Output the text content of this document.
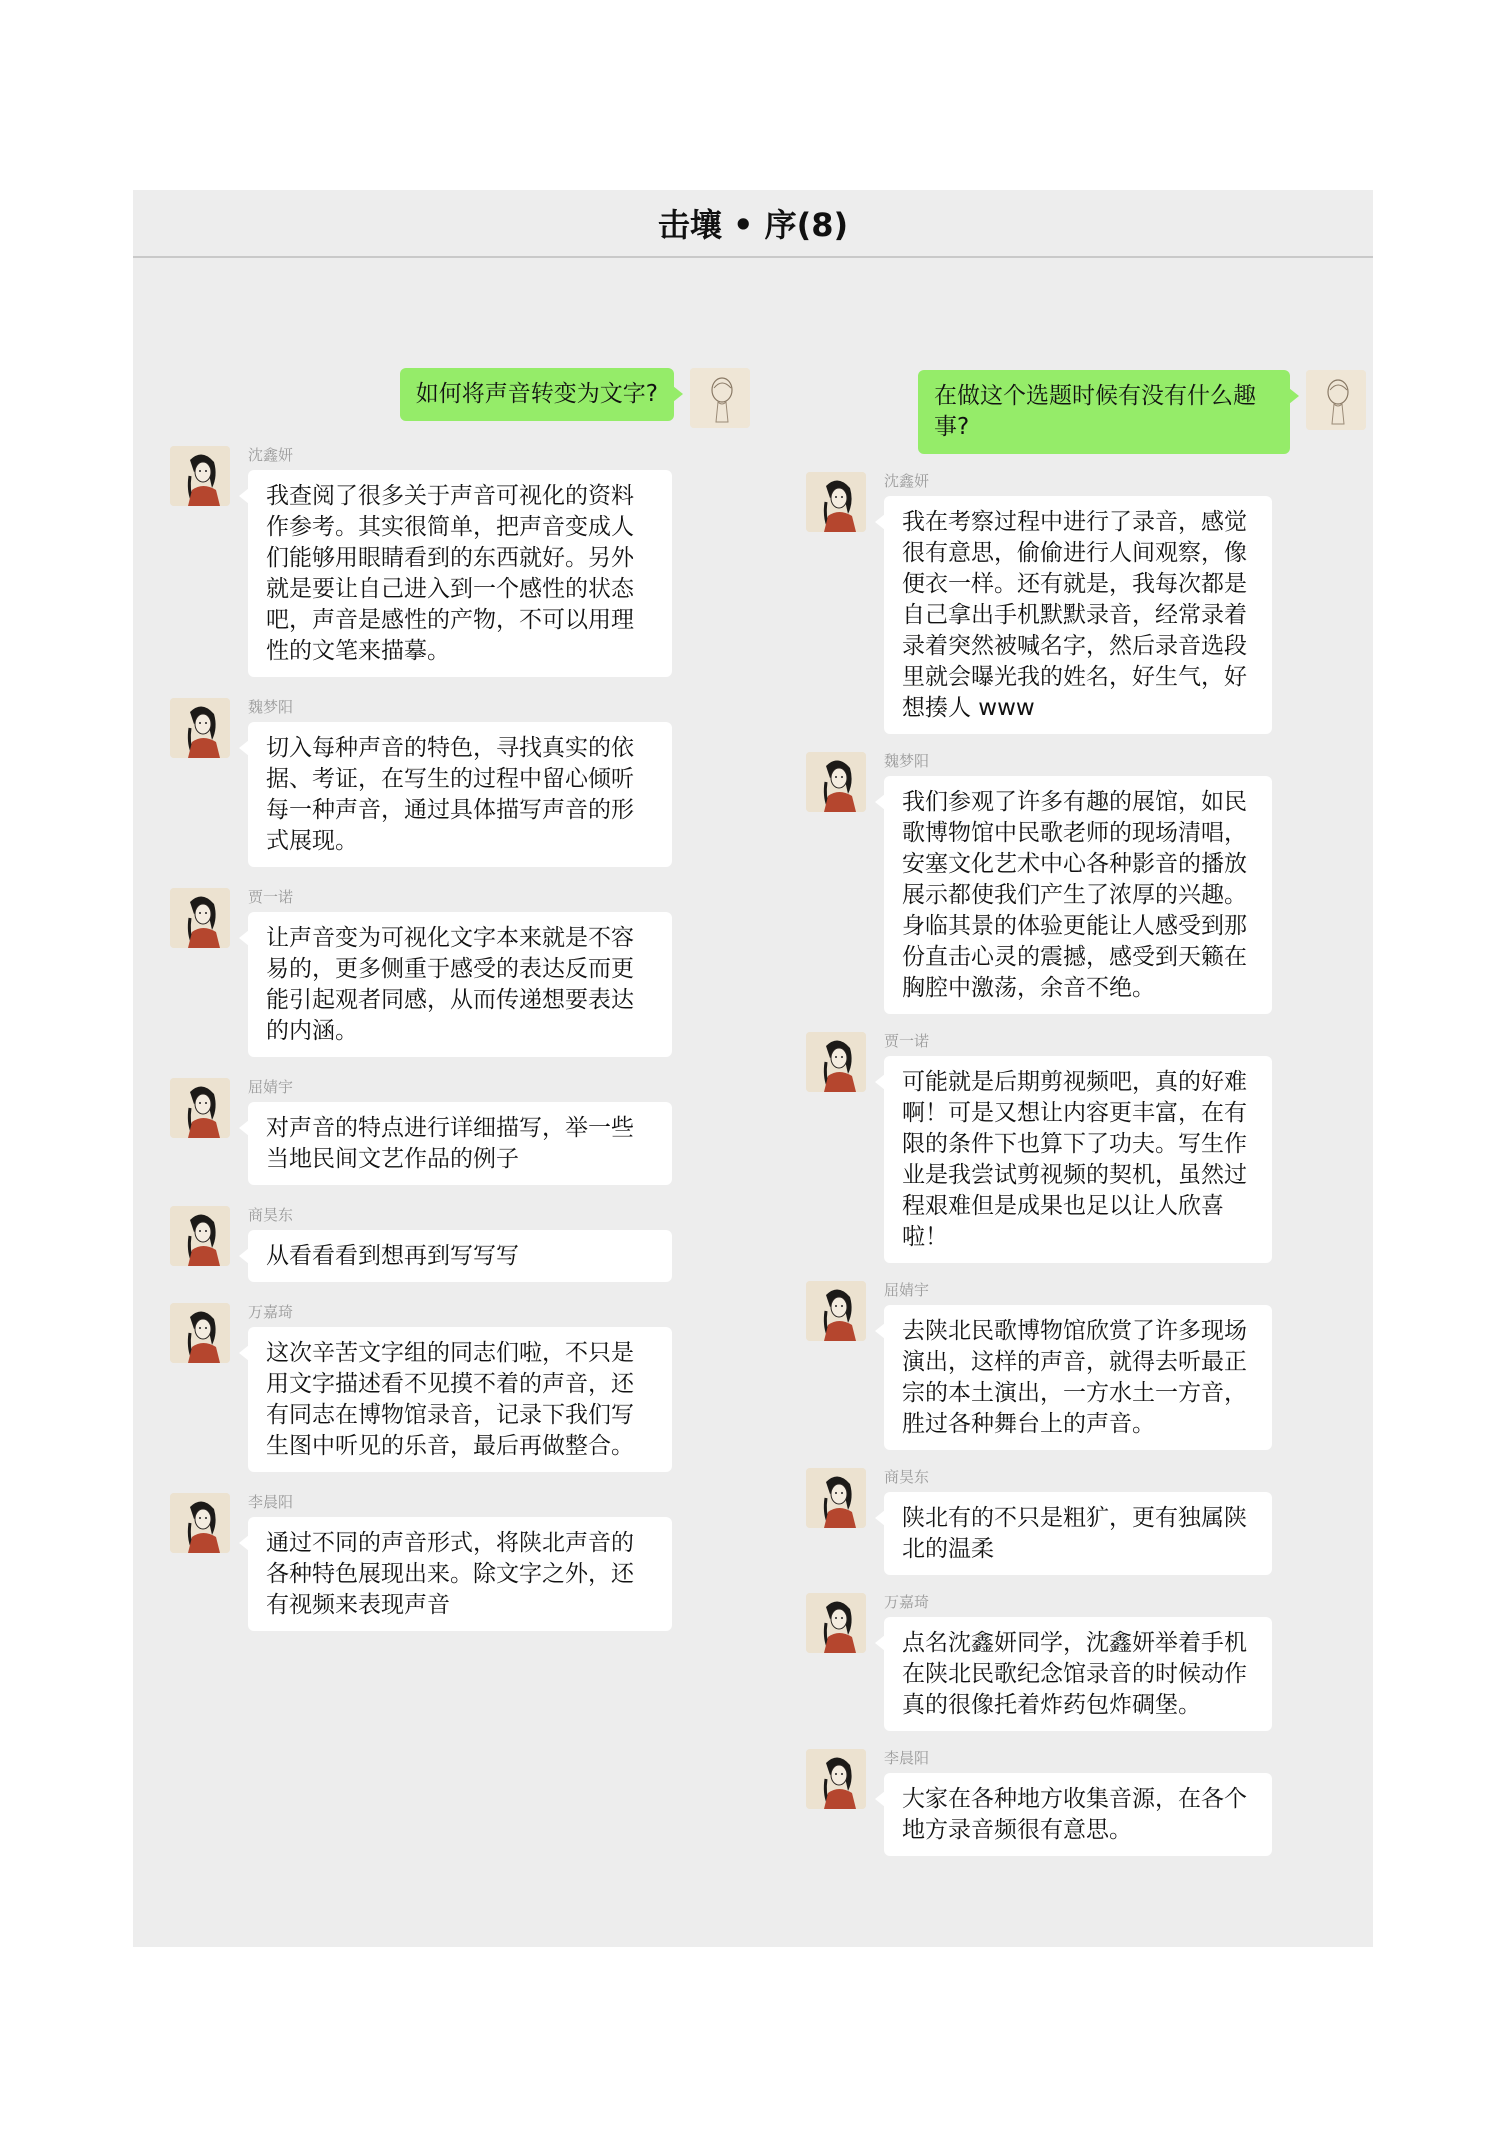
击壤 • 序(8)
如何将声音转变为文字?
沈鑫妍
我查阅了很多关于声音可视化的资料作参考。其实很简单，把声音变成人们能够用眼睛看到的东西就好。另外就是要让自己进入到一个感性的状态吧，声音是感性的产物，不可以用理性的文笔来描摹。
魏梦阳
切入每种声音的特色，寻找真实的依据、考证，在写生的过程中留心倾听每一种声音，通过具体描写声音的形式展现。
贾一诺
让声音变为可视化文字本来就是不容易的，更多侧重于感受的表达反而更能引起观者同感，从而传递想要表达的内涵。
屈婧宇
对声音的特点进行详细描写，举一些当地民间文艺作品的例子
商昊东
从看看看到想再到写写写
万嘉琦
这次辛苦文字组的同志们啦，不只是用文字描述看不见摸不着的声音，还有同志在博物馆录音，记录下我们写生图中听见的乐音，最后再做整合。
李晨阳
通过不同的声音形式，将陕北声音的各种特色展现出来。除文字之外，还有视频来表现声音
在做这个选题时候有没有什么趣事?
沈鑫妍
我在考察过程中进行了录音，感觉很有意思，偷偷进行人间观察，像便衣一样。还有就是，我每次都是自己拿出手机默默录音，经常录着录着突然被喊名字，然后录音选段里就会曝光我的姓名，好生气，好想揍人 www
魏梦阳
我们参观了许多有趣的展馆，如民歌博物馆中民歌老师的现场清唱，安塞文化艺术中心各种影音的播放展示都使我们产生了浓厚的兴趣。身临其景的体验更能让人感受到那份直击心灵的震撼，感受到天籁在胸腔中激荡，余音不绝。
贾一诺
可能就是后期剪视频吧，真的好难啊！可是又想让内容更丰富，在有限的条件下也算下了功夫。写生作业是我尝试剪视频的契机，虽然过程艰难但是成果也足以让人欣喜啦！
屈婧宇
去陕北民歌博物馆欣赏了许多现场演出，这样的声音，就得去听最正宗的本土演出，一方水土一方音，胜过各种舞台上的声音。
商昊东
陕北有的不只是粗犷，更有独属陕北的温柔
万嘉琦
点名沈鑫妍同学，沈鑫妍举着手机在陕北民歌纪念馆录音的时候动作真的很像托着炸药包炸碉堡。
李晨阳
大家在各种地方收集音源，在各个地方录音频很有意思。
